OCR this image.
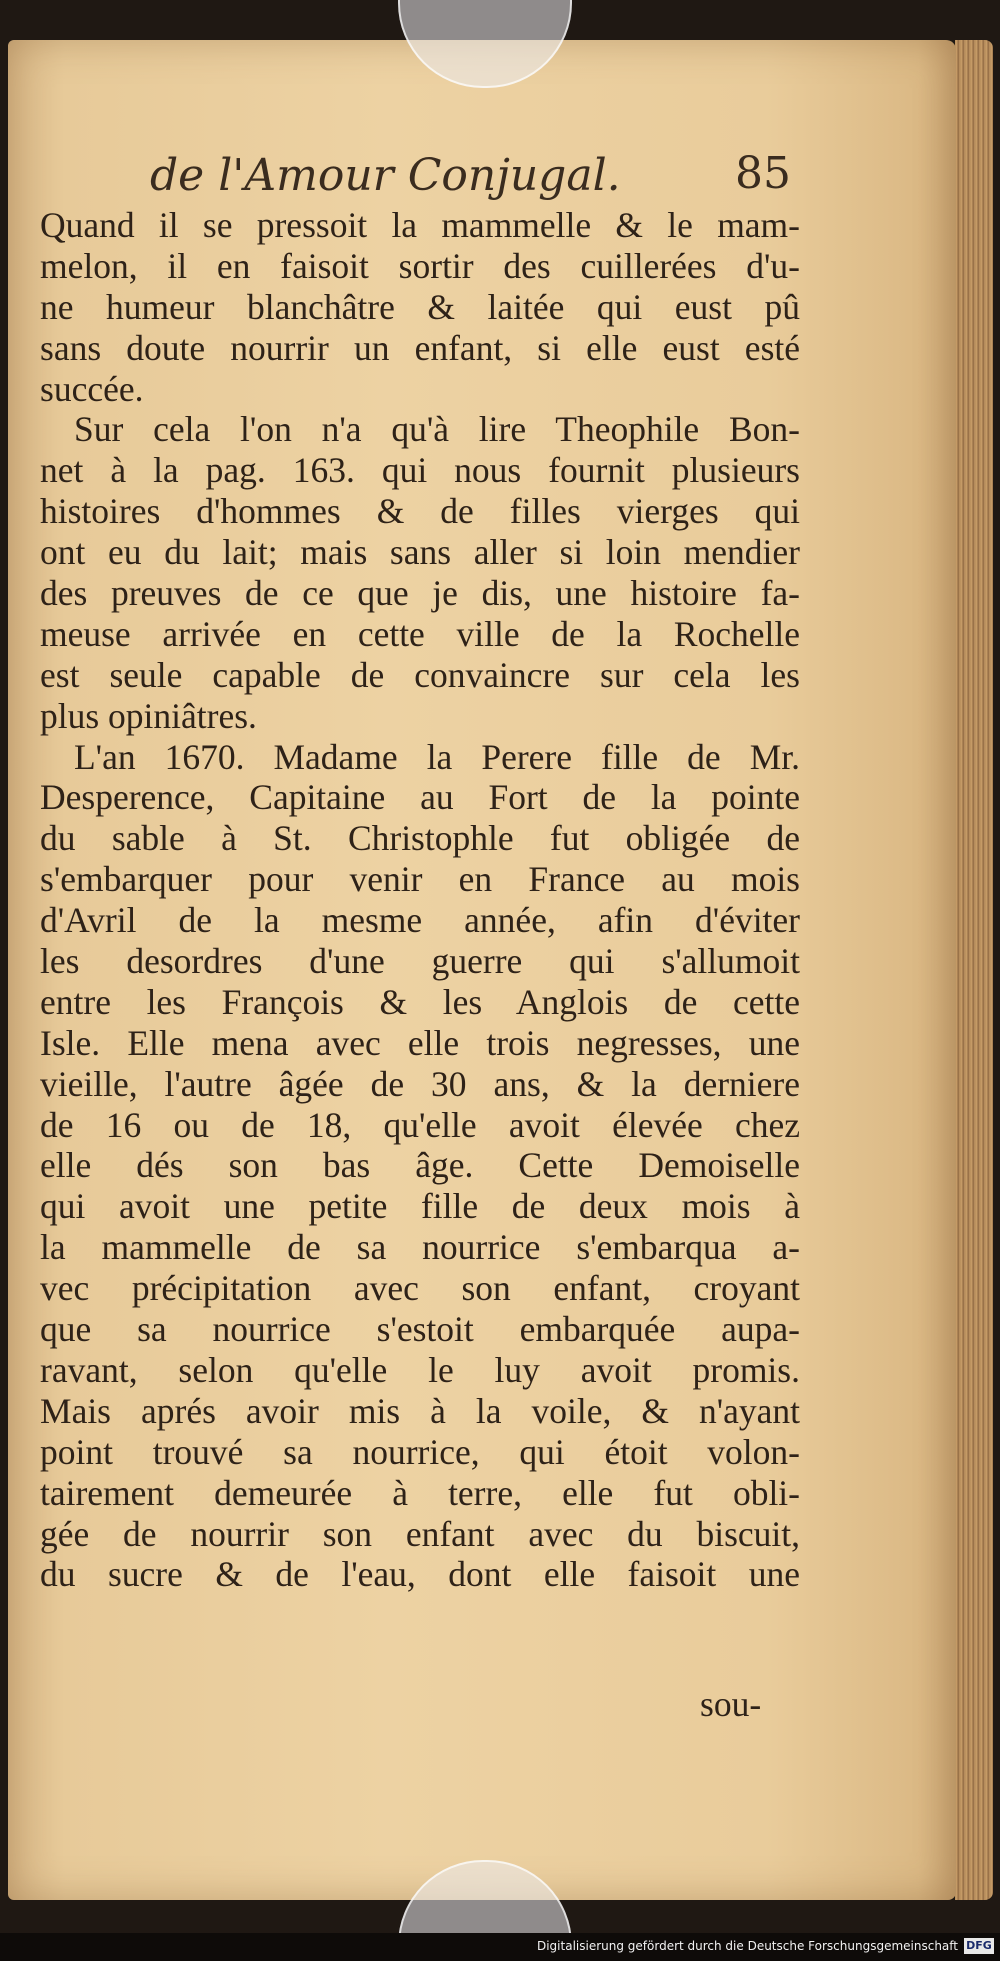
de l'Amour Conjugal.	85
Quand il se pressoit la mammelle & le mam-
melon, il en faisoit sortir des cuillerées d'u-
ne humeur blanchâtre & laitée qui eust pû
sans doute nourrir un enfant, si elle eust esté
succée.
Sur cela l'on n'a qu'à lire Theophile Bon-
net à la pag. 163. qui nous fournit plusieurs
histoires d'hommes & de filles vierges qui
ont eu du lait; mais sans aller si loin mendier
des preuves de ce que je dis, une histoire fa-
meuse arrivée en cette ville de la Rochelle
est seule capable de convaincre sur cela les
plus opiniâtres.
L'an 1670. Madame la Perere fille de Mr.
Desperence, Capitaine au Fort de la pointe
du sable à St. Christophle fut obligée de
s'embarquer pour venir en France au mois
d'Avril de la mesme année, afin d'éviter
les desordres d'une guerre qui s'allumoit
entre les François & les Anglois de cette
Isle. Elle mena avec elle trois negresses, une
vieille, l'autre âgée de 30 ans, & la derniere
de 16 ou de 18, qu'elle avoit élevée chez
elle dés son bas âge. Cette Demoiselle
qui avoit une petite fille de deux mois à
la mammelle de sa nourrice s'embarqua a-
vec précipitation avec son enfant, croyant
que sa nourrice s'estoit embarquée aupa-
ravant, selon qu'elle le luy avoit promis.
Mais aprés avoir mis à la voile, & n'ayant
point trouvé sa nourrice, qui étoit volon-
tairement demeurée à terre, elle fut obli-
gée de nourrir son enfant avec du biscuit,
du sucre & de l'eau, dont elle faisoit une
sou-
Digitalisierung gefördert durch die Deutsche Forschungsgemeinschaft DFG
